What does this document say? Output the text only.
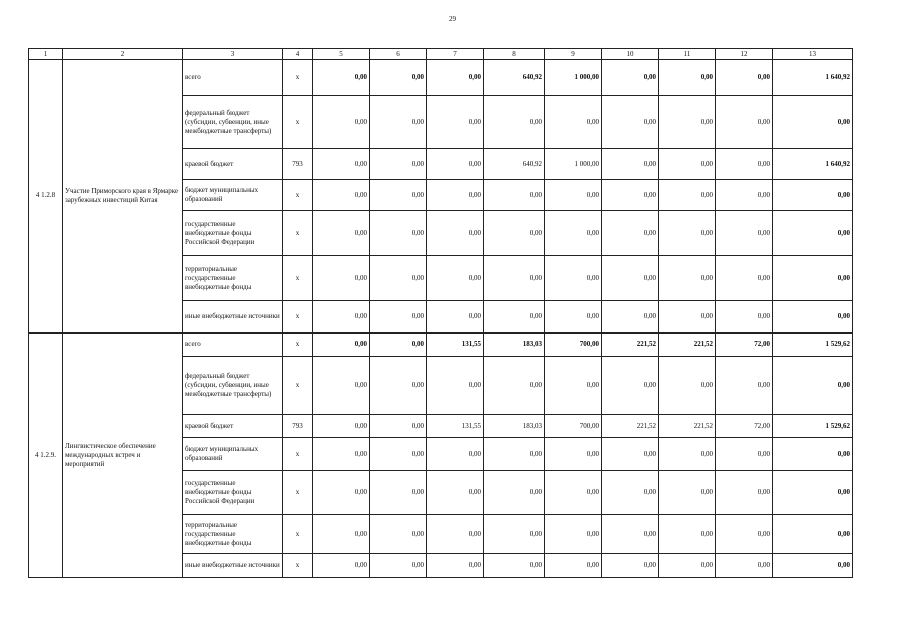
29
1	2	3	4	5	6	7	8	9	10	11	12	13
4 1.2.8	Участие Приморского края в Ярмарке зарубежных инвестиций Китая	всего	x	0,00	0,00	0,00	640,92	1 000,00	0,00	0,00	0,00	1 640,92
		федеральный бюджет (субсидии, субвенции, иные межбюджетные трансферты)	x	0,00	0,00	0,00	0,00	0,00	0,00	0,00	0,00	0,00
		краевой бюджет	793	0,00	0,00	0,00	640,92	1 000,00	0,00	0,00	0,00	1 640,92
		бюджет муниципальных образований	x	0,00	0,00	0,00	0,00	0,00	0,00	0,00	0,00	0,00
		государственные внебюджетные фонды Российской Федерации	x	0,00	0,00	0,00	0,00	0,00	0,00	0,00	0,00	0,00
		территориальные государственные внебюджетные фонды	x	0,00	0,00	0,00	0,00	0,00	0,00	0,00	0,00	0,00
		иные внебюджетные источники	x	0,00	0,00	0,00	0,00	0,00	0,00	0,00	0,00	0,00
4 1.2.9.	Лингвистическое обеспечение международных встреч и мероприятий	всего	x	0,00	0,00	131,55	183,03	700,00	221,52	221,52	72,00	1 529,62
		федеральный бюджет (субсидии, субвенции, иные межбюджетные трансферты)	x	0,00	0,00	0,00	0,00	0,00	0,00	0,00	0,00	0,00
		краевой бюджет	793	0,00	0,00	131,55	183,03	700,00	221,52	221,52	72,00	1 529,62
		бюджет муниципальных образований	x	0,00	0,00	0,00	0,00	0,00	0,00	0,00	0,00	0,00
		государственные внебюджетные фонды Российской Федерации	x	0,00	0,00	0,00	0,00	0,00	0,00	0,00	0,00	0,00
		территориальные государственные внебюджетные фонды	x	0,00	0,00	0,00	0,00	0,00	0,00	0,00	0,00	0,00
		иные внебюджетные источники	x	0,00	0,00	0,00	0,00	0,00	0,00	0,00	0,00	0,00
